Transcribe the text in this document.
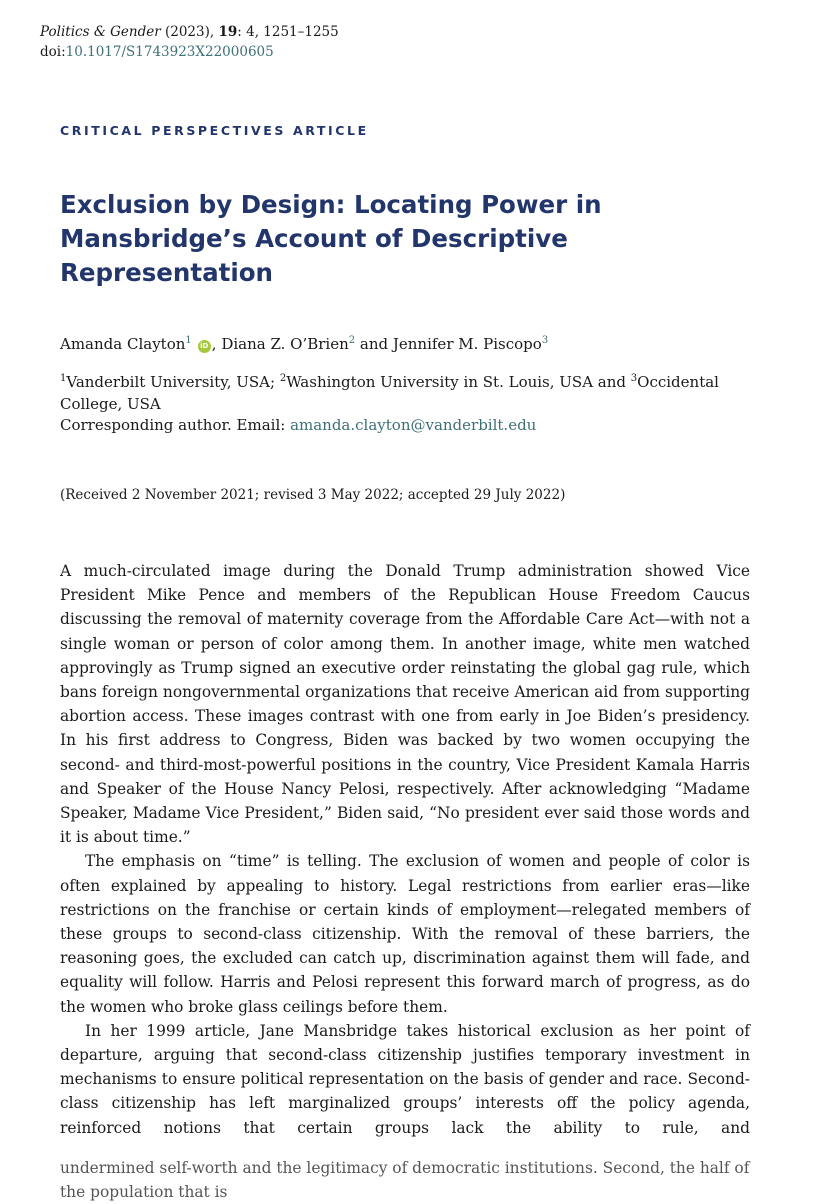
Politics & Gender (2023), 19: 4, 1251–1255
doi:10.1017/S1743923X22000605
CRITICAL PERSPECTIVES ARTICLE
Exclusion by Design: Locating Power in Mansbridge’s Account of Descriptive Representation
Amanda Clayton$^1$ iD , Diana Z. O’Brien$^2$ and Jennifer M. Piscopo$^3$
$^1$Vanderbilt University, USA; $^2$Washington University in St. Louis, USA and $^3$Occidental College, USA
Corresponding author. Email: amanda.clayton@vanderbilt.edu
(Received 2 November 2021; revised 3 May 2022; accepted 29 July 2022)

A much-circulated image during the Donald Trump administration showed Vice President Mike Pence and members of the Republican House Freedom Caucus discussing the removal of maternity coverage from the Affordable Care Act—with not a single woman or person of color among them. In another image, white men watched approvingly as Trump signed an executive order reinstating the global gag rule, which bans foreign nongovernmental organizations that receive American aid from supporting abortion access. These images contrast with one from early in Joe Biden’s presidency. In his first address to Congress, Biden was backed by two women occupying the second- and third-most-powerful positions in the country, Vice President Kamala Harris and Speaker of the House Nancy Pelosi, respectively. After acknowledging “Madame Speaker, Madame Vice President,” Biden said, “No president ever said those words and it is about time.”

The emphasis on “time” is telling. The exclusion of women and people of color is often explained by appealing to history. Legal restrictions from earlier eras—like restrictions on the franchise or certain kinds of employment—relegated members of these groups to second-class citizenship. With the removal of these barriers, the reasoning goes, the excluded can catch up, discrimination against them will fade, and equality will follow. Harris and Pelosi represent this forward march of progress, as do the women who broke glass ceilings before them.

In her 1999 article, Jane Mansbridge takes historical exclusion as her point of departure, arguing that second-class citizenship justifies temporary investment in mechanisms to ensure political representation on the basis of gender and race. Second-class citizenship has left marginalized groups’ interests off the policy agenda, reinforced notions that certain groups lack the ability to rule, and

undermined self-worth and the legitimacy of democratic institutions. Second, the half of the population that is
